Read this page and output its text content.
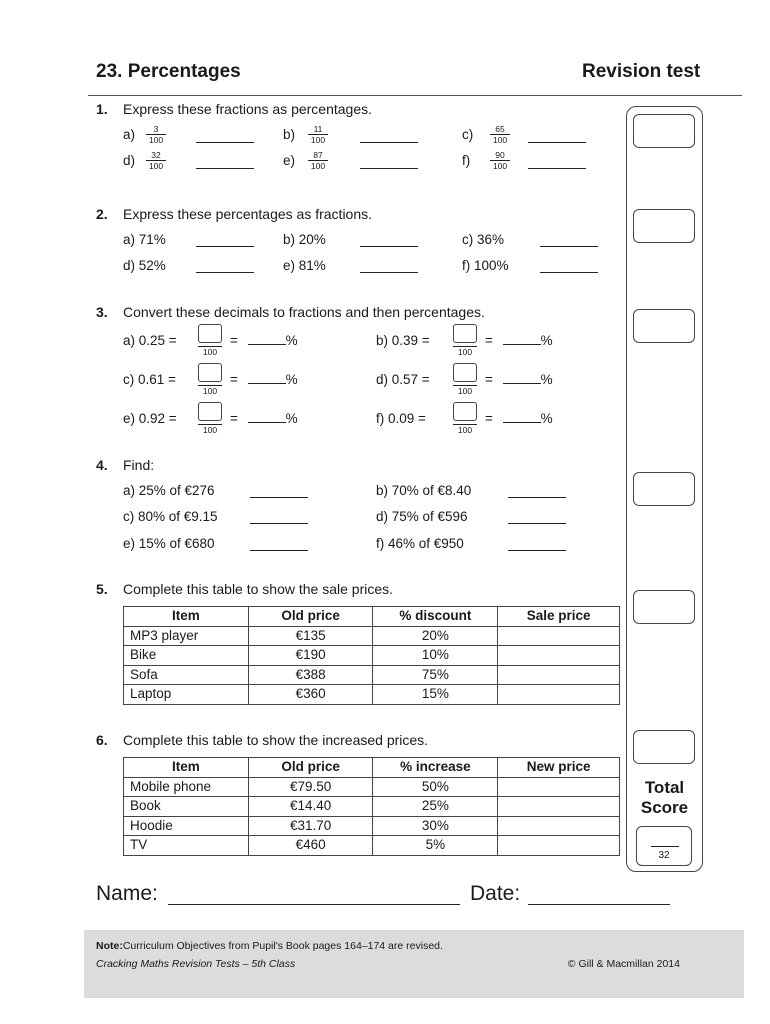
23. Percentages	Revision test
Total
Score
32
1. Express these fractions as percentages.
$a) \frac{3}{100}$	$b) \frac{11}{100}$	$c) \frac{65}{100}$
$d) \frac{32}{100}$	$e) \frac{87}{100}$	$f) \frac{90}{100}$
2. Express these percentages as fractions.
a) 71%	b) 20%	c) 36%
d) 52%	e) 81%	f) 100%
3. Convert these decimals to fractions and then percentages.
a) 0.25 =
100
=	%	b) 0.39 =
100
=	%
c) 0.61 =
100
=	%	d) 0.57 =
100
=	%
e) 0.92 =
100
=	%	f) 0.09 =
100
=	%
4. Find:
a) 25% of €276	b) 70% of €8.40
c) 80% of €9.15	d) 75% of €596
e) 15% of €680	f) 46% of €950
5. Complete this table to show the sale prices.
Item	Old price	% discount	Sale price
MP3 player	€135	20%	
Bike	€190	10%	
Sofa	€388	75%	
Laptop	€360	15%	
6. Complete this table to show the increased prices.
Item	Old price	% increase	New price
Mobile phone	€79.50	50%	
Book	€14.40	25%	
Hoodie	€31.70	30%	
TV	€460	5%	
Name:	Date:
Note:Curriculum Objectives from Pupil's Book pages 164–174 are revised.
Cracking Maths Revision Tests – 5th Class	© Gill & Macmillan 2014
